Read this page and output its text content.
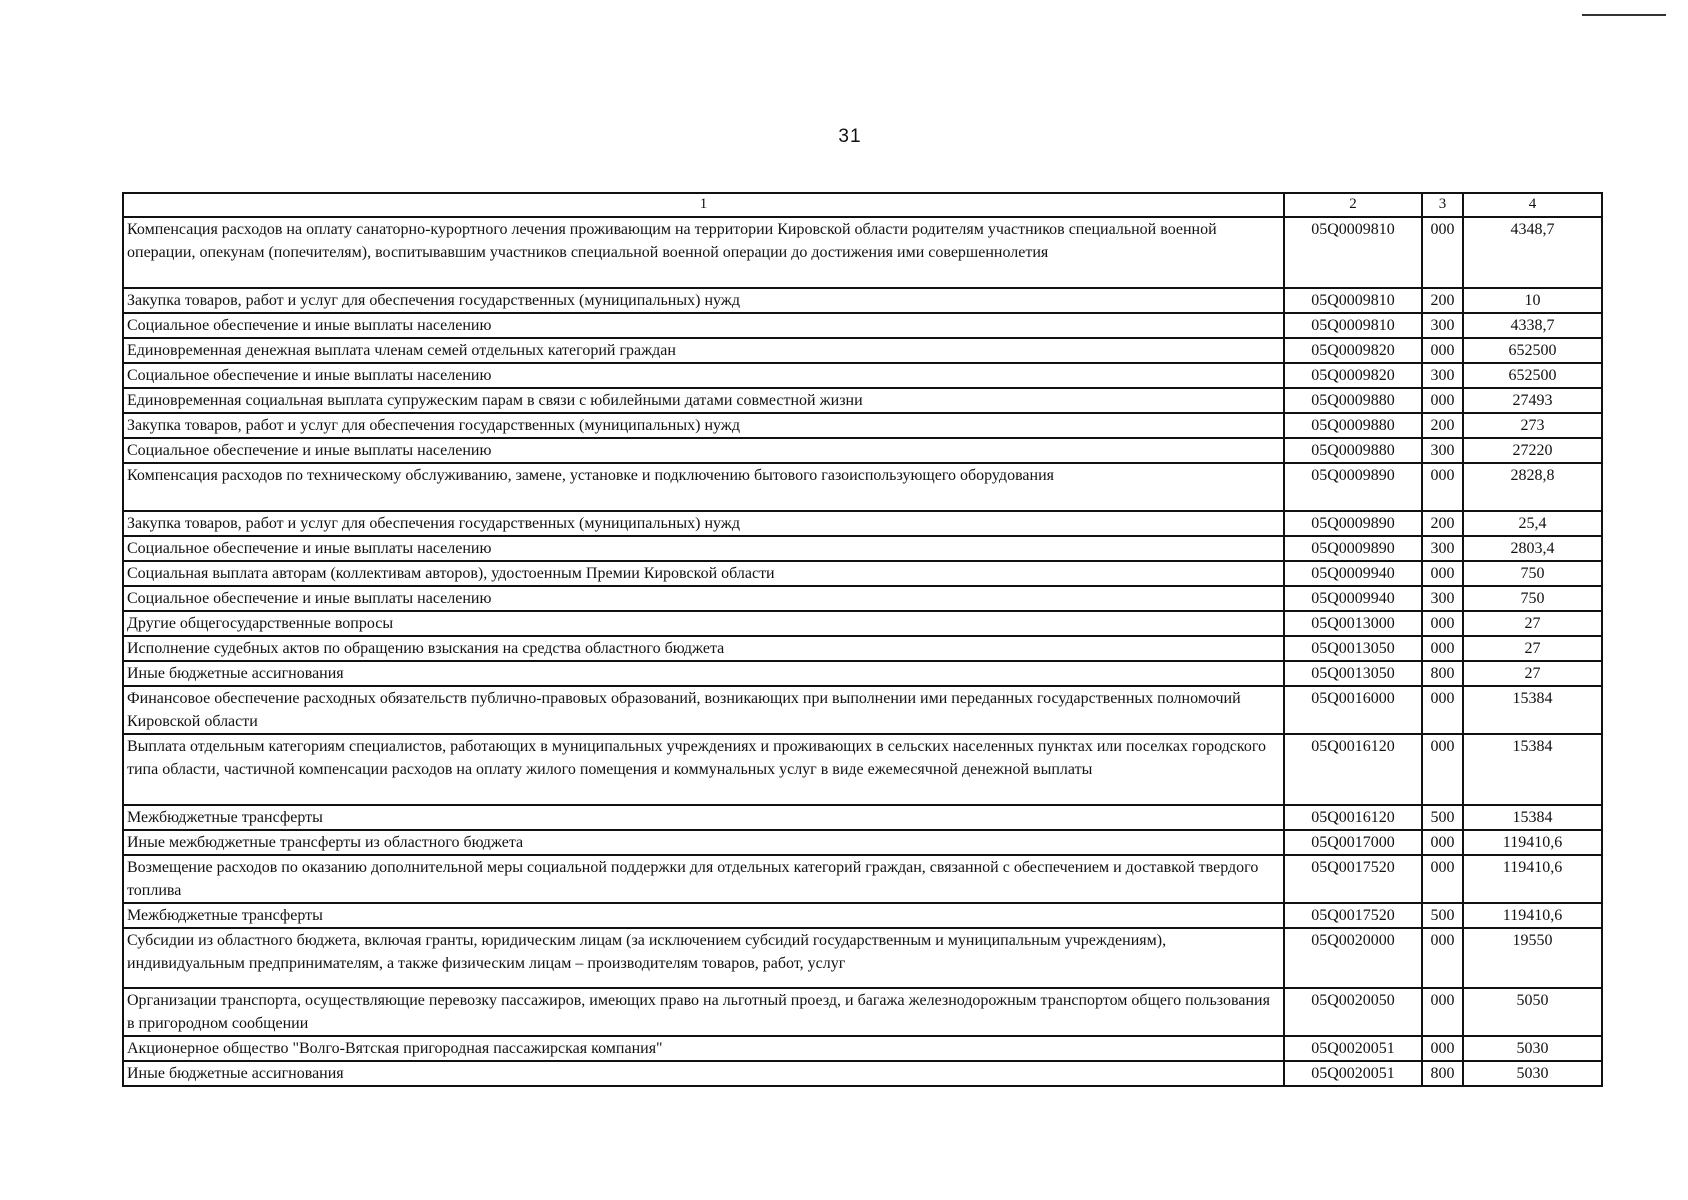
31
1	2	3	4
Компенсация расходов на оплату санаторно-курортного лечения проживающим на территории Кировской области родителям участников специальной военной операции, опекунам (попечителям), воспитывавшим участников специальной военной операции до достижения ими совершеннолетия	05Q0009810	000	4348,7
Закупка товаров, работ и услуг для обеспечения государственных (муниципальных) нужд	05Q0009810	200	10
Социальное обеспечение и иные выплаты населению	05Q0009810	300	4338,7
Единовременная денежная выплата членам семей отдельных категорий граждан	05Q0009820	000	652500
Социальное обеспечение и иные выплаты населению	05Q0009820	300	652500
Единовременная социальная выплата супружеским парам в связи с юбилейными датами совместной жизни	05Q0009880	000	27493
Закупка товаров, работ и услуг для обеспечения государственных (муниципальных) нужд	05Q0009880	200	273
Социальное обеспечение и иные выплаты населению	05Q0009880	300	27220
Компенсация расходов по техническому обслуживанию, замене, установке и подключению бытового газоиспользующего оборудования	05Q0009890	000	2828,8
Закупка товаров, работ и услуг для обеспечения государственных (муниципальных) нужд	05Q0009890	200	25,4
Социальное обеспечение и иные выплаты населению	05Q0009890	300	2803,4
Социальная выплата авторам (коллективам авторов), удостоенным Премии Кировской области	05Q0009940	000	750
Социальное обеспечение и иные выплаты населению	05Q0009940	300	750
Другие общегосударственные вопросы	05Q0013000	000	27
Исполнение судебных актов по обращению взыскания на средства областного бюджета	05Q0013050	000	27
Иные бюджетные ассигнования	05Q0013050	800	27
Финансовое обеспечение расходных обязательств публично-правовых образований, возникающих при выполнении ими переданных государственных полномочий Кировской области	05Q0016000	000	15384
Выплата отдельным категориям специалистов, работающих в муниципальных учреждениях и проживающих в сельских населенных пунктах или поселках городского типа области, частичной компенсации расходов на оплату жилого помещения и коммунальных услуг в виде ежемесячной денежной выплаты	05Q0016120	000	15384
Межбюджетные трансферты	05Q0016120	500	15384
Иные межбюджетные трансферты из областного бюджета	05Q0017000	000	119410,6
Возмещение расходов по оказанию дополнительной меры социальной поддержки для отдельных категорий граждан, связанной с обеспечением и доставкой твердого топлива	05Q0017520	000	119410,6
Межбюджетные трансферты	05Q0017520	500	119410,6
Субсидии из областного бюджета, включая гранты, юридическим лицам (за исключением субсидий государственным и муниципальным учреждениям), индивидуальным предпринимателям, а также физическим лицам – производителям товаров, работ, услуг	05Q0020000	000	19550
Организации транспорта, осуществляющие перевозку пассажиров, имеющих право на льготный проезд, и багажа железнодорожным транспортом общего пользования в пригородном сообщении	05Q0020050	000	5050
Акционерное общество "Волго-Вятская пригородная пассажирская компания"	05Q0020051	000	5030
Иные бюджетные ассигнования	05Q0020051	800	5030
